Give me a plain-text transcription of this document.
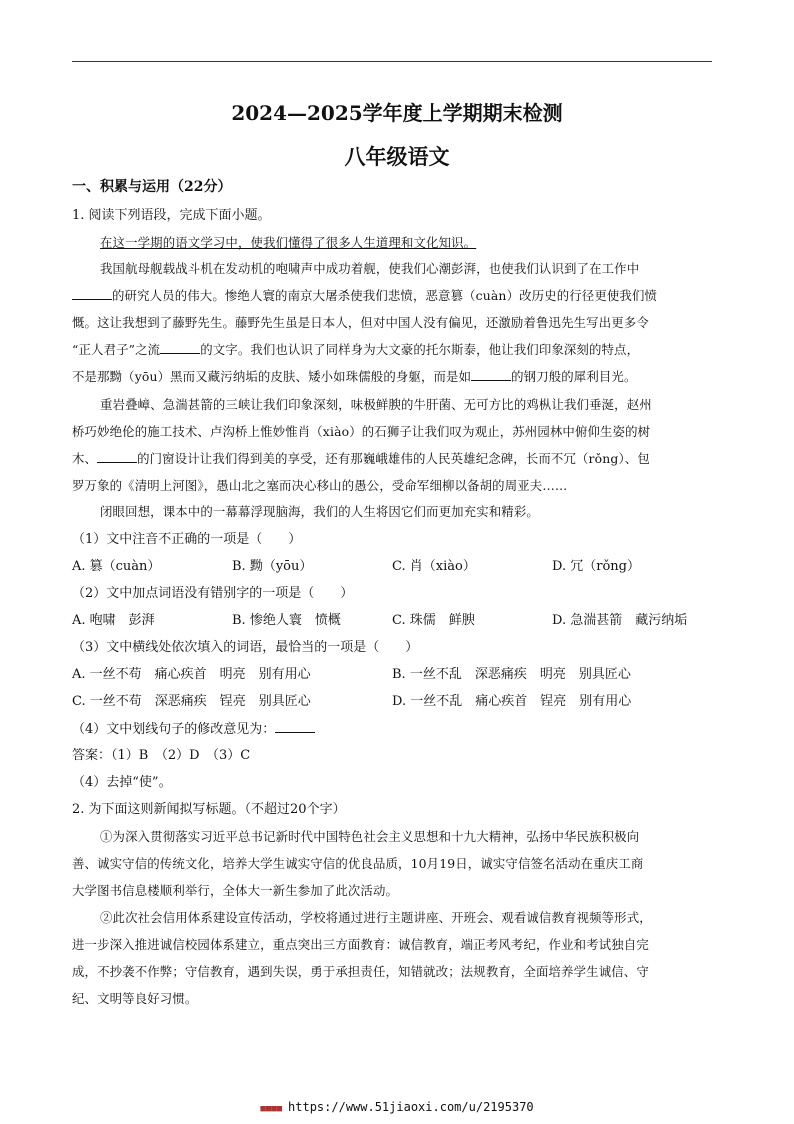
2024—2025学年度上学期期末检测
八年级语文
一、积累与运用（22分）
1. 阅读下列语段，完成下面小题。
在这一学期的语文学习中，使我们懂得了很多人生道理和文化知识。
我国航母舰载战斗机在发动机的咆啸声中成功着舰，使我们心潮彭湃，也使我们认识到了在工作中
的研究人员的伟大。惨绝人寰的南京大屠杀使我们悲愤，恶意篡（cuàn）改历史的行径更使我们愤
慨。这让我想到了藤野先生。藤野先生虽是日本人，但对中国人没有偏见，还激励着鲁迅先生写出更多令
“正人君子”之流	的文字。我们也认识了同样身为大文豪的托尔斯泰，他让我们印象深刻的特点，
不是那黝（yōu）黑而又藏污纳垢的皮肤、矮小如珠儒般的身躯，而是如	的钢刀般的犀利目光。
重岩叠嶂、急湍甚箭的三峡让我们印象深刻，味极鲜腴的牛肝菌、无可方比的鸡枞让我们垂涎，赵州
桥巧妙绝伦的施工技术、卢沟桥上惟妙惟肖（xiào）的石狮子让我们叹为观止，苏州园林中俯仰生姿的树
木、	的门窗设计让我们得到美的享受，还有那巍峨雄伟的人民英雄纪念碑，长而不冗（rǒng）、包
罗万象的《清明上河图》，愚山北之塞而决心移山的愚公，受命军细柳以备胡的周亚夫……
闭眼回想，课本中的一幕幕浮现脑海，我们的人生将因它们而更加充实和精彩。
（1）文中注音不正确的一项是（　　）
A. 篡（cuàn）	B. 黝（yōu）	C. 肖（xiào）	D. 冗（rǒng）
（2）文中加点词语没有错别字的一项是（　　）
A. 咆啸　彭湃	B. 惨绝人寰　愤概	C. 珠儒　鲜腴	D. 急湍甚箭　藏污纳垢
（3）文中横线处依次填入的词语，最恰当的一项是（　　）
A. 一丝不苟　痛心疾首　明亮　别有用心	B. 一丝不乱　深恶痛疾　明亮　别具匠心
C. 一丝不苟　深恶痛疾　锃亮　别具匠心	D. 一丝不乱　痛心疾首　锃亮　别有用心
（4）文中划线句子的修改意见为：
答案：（1）B　（2）D　（3）C
（4）去掉“使”。
2. 为下面这则新闻拟写标题。（不超过20个字）
①为深入贯彻落实习近平总书记新时代中国特色社会主义思想和十九大精神，弘扬中华民族积极向
善、诚实守信的传统文化，培养大学生诚实守信的优良品质，10月19日，诚实守信签名活动在重庆工商
大学图书信息楼顺利举行，全体大一新生参加了此次活动。
②此次社会信用体系建设宣传活动，学校将通过进行主题讲座、开班会、观看诚信教育视频等形式，
进一步深入推进诚信校园体系建立，重点突出三方面教育：诚信教育，端正考风考纪，作业和考试独自完
成，不抄袭不作弊；守信教育，遇到失误，勇于承担责任，知错就改；法规教育，全面培养学生诚信、守
纪、文明等良好习惯。
■■■■ https://www.51jiaoxi.com/u/2195370
